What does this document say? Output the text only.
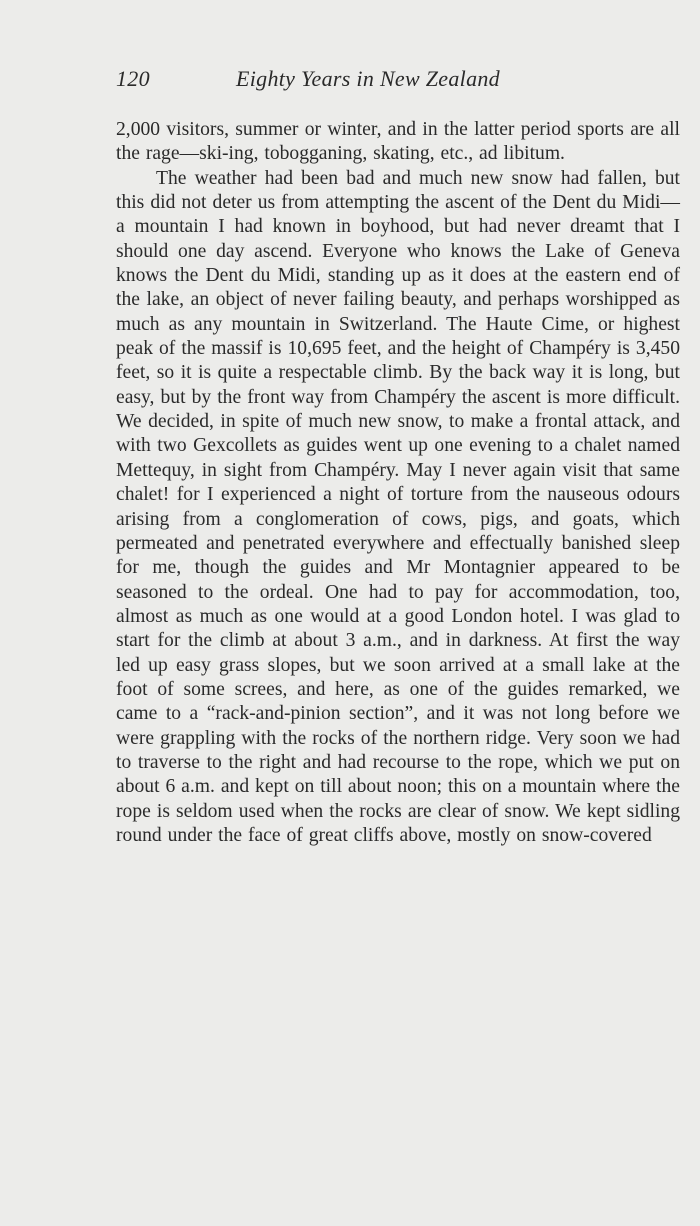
120	Eighty Years in New Zealand

2,000 visitors, summer or winter, and in the latter period sports are all the rage—ski-ing, tobogganing, skating, etc., ad libitum.

The weather had been bad and much new snow had fallen, but this did not deter us from attempting the ascent of the Dent du Midi—a mountain I had known in boyhood, but had never dreamt that I should one day ascend. Everyone who knows the Lake of Geneva knows the Dent du Midi, standing up as it does at the eastern end of the lake, an object of never failing beauty, and perhaps worshipped as much as any mountain in Switzerland. The Haute Cime, or highest peak of the massif is 10,695 feet, and the height of Champéry is 3,450 feet, so it is quite a respectable climb. By the back way it is long, but easy, but by the front way from Champéry the ascent is more difficult. We decided, in spite of much new snow, to make a frontal attack, and with two Gexcollets as guides went up one evening to a chalet named Mettequy, in sight from Champéry. May I never again visit that same chalet! for I experienced a night of torture from the nauseous odours arising from a conglomeration of cows, pigs, and goats, which permeated and penetrated everywhere and effectually banished sleep for me, though the guides and Mr Montagnier appeared to be seasoned to the ordeal. One had to pay for accommodation, too, almost as much as one would at a good London hotel. I was glad to start for the climb at about 3 a.m., and in darkness. At first the way led up easy grass slopes, but we soon arrived at a small lake at the foot of some screes, and here, as one of the guides remarked, we came to a “rack-and-pinion section”, and it was not long before we were grappling with the rocks of the northern ridge. Very soon we had to traverse to the right and had recourse to the rope, which we put on about 6 a.m. and kept on till about noon; this on a mountain where the rope is seldom used when the rocks are clear of snow. We kept sidling round under the face of great cliffs above, mostly on snow-covered
